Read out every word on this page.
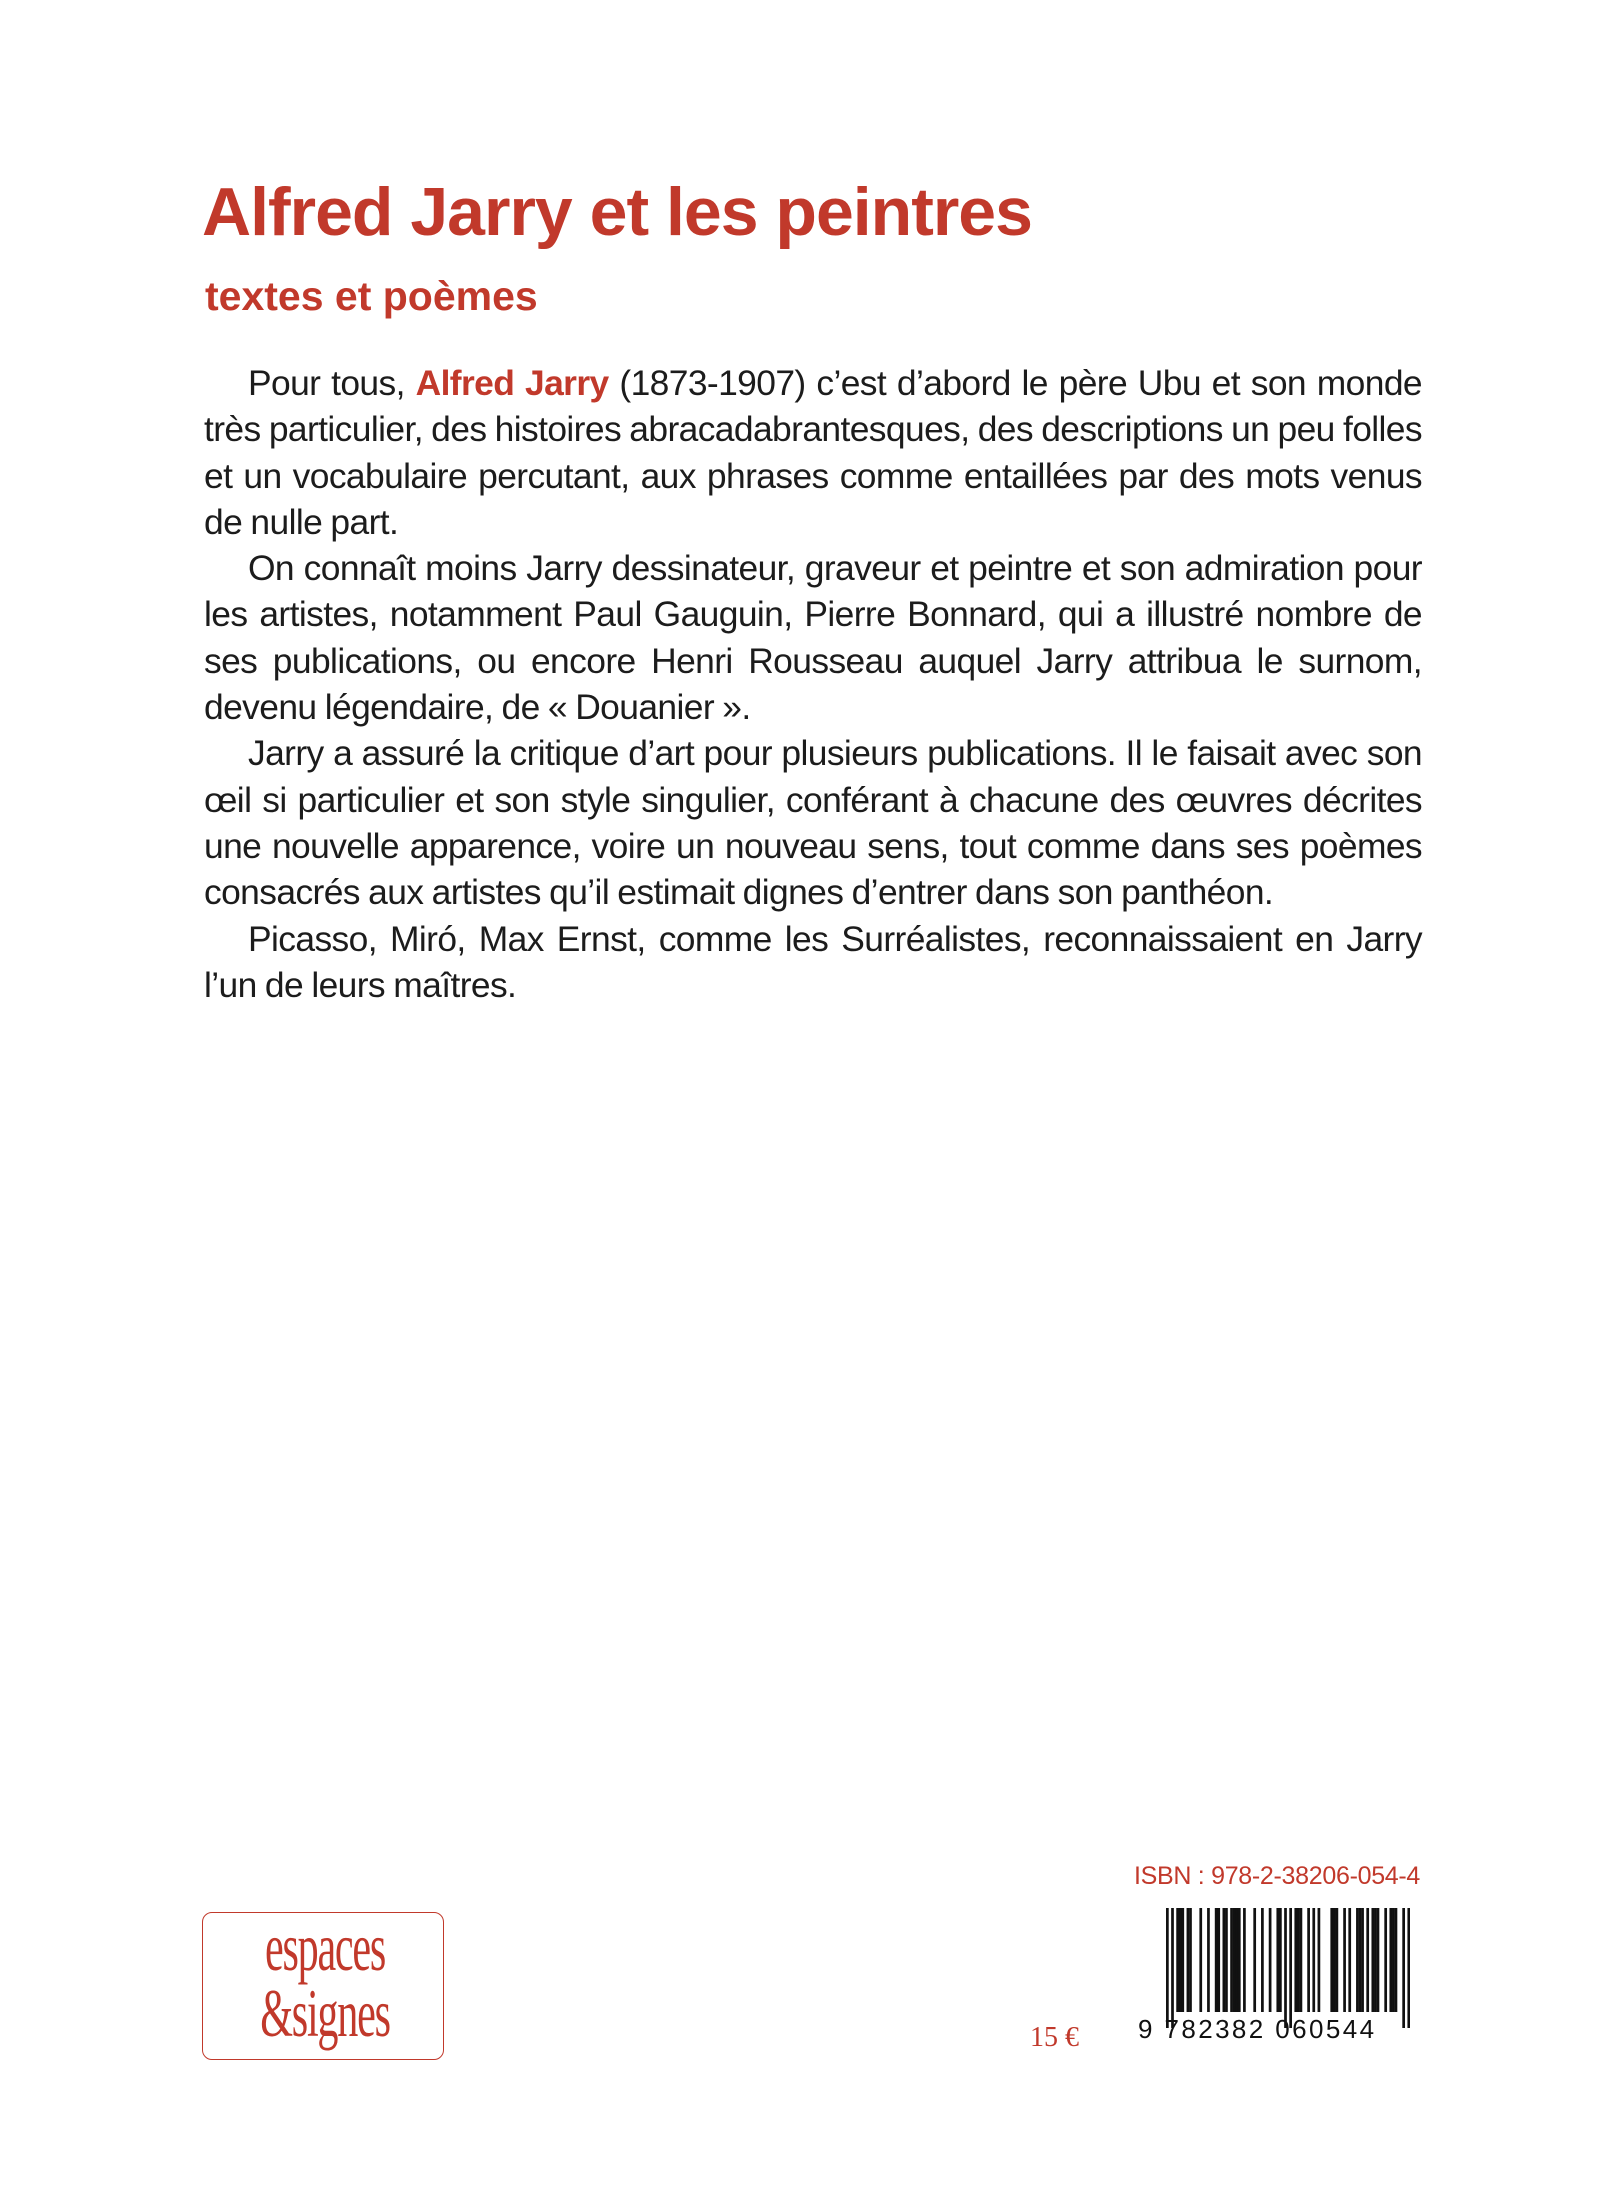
Alfred Jarry et les peintres
textes et poèmes

Pour tous, Alfred Jarry (1873-1907) c’est d’abord le père Ubu et son monde très particulier, des histoires abracadabrantesques, des descriptions un peu folles et un vocabulaire percutant, aux phrases comme entaillées par des mots venus de nulle part.

On connaît moins Jarry dessinateur, graveur et peintre et son admiration pour les artistes, notamment Paul Gauguin, Pierre Bonnard, qui a illustré nombre de ses publications, ou encore Henri Rousseau auquel Jarry attribua le surnom, devenu légendaire, de « Douanier ».

Jarry a assuré la critique d’art pour plusieurs publications. Il le faisait avec son œil si particulier et son style singulier, conférant à chacune des œuvres décrites une nouvelle apparence, voire un nouveau sens, tout comme dans ses poèmes consacrés aux artistes qu’il estimait dignes d’entrer dans son panthéon.

Picasso, Miró, Max Ernst, comme les Surréalistes, reconnaissaient en Jarry l’un de leurs maîtres.

espaces
&signes	15 €
ISBN : 978-2-38206-054-4
9 782382 060544
